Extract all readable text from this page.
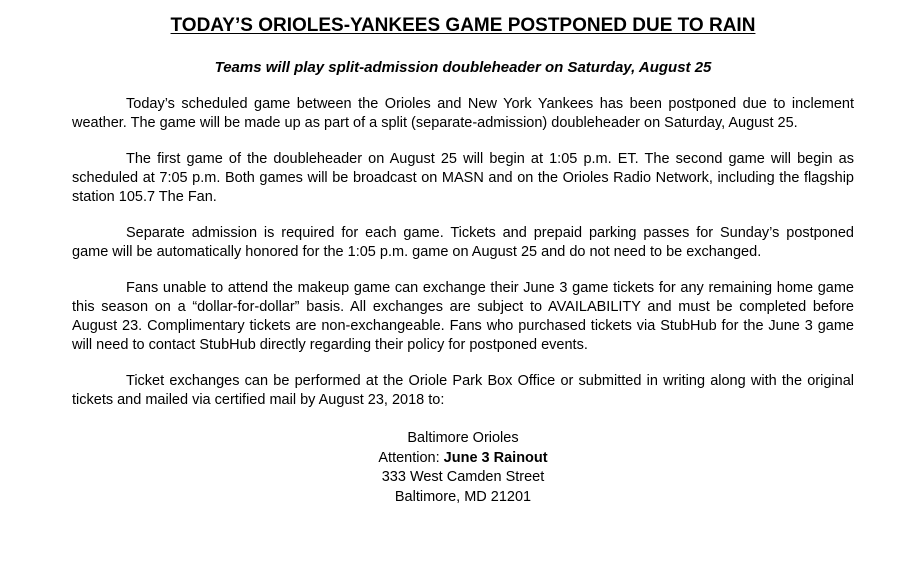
TODAY’S ORIOLES-YANKEES GAME POSTPONED DUE TO RAIN
Teams will play split-admission doubleheader on Saturday, August 25

Today’s scheduled game between the Orioles and New York Yankees has been postponed due to inclement weather. The game will be made up as part of a split (separate-admission) doubleheader on Saturday, August 25.

The first game of the doubleheader on August 25 will begin at 1:05 p.m. ET. The second game will begin as scheduled at 7:05 p.m. Both games will be broadcast on MASN and on the Orioles Radio Network, including the flagship station 105.7 The Fan.

Separate admission is required for each game. Tickets and prepaid parking passes for Sunday’s postponed game will be automatically honored for the 1:05 p.m. game on August 25 and do not need to be exchanged.

Fans unable to attend the makeup game can exchange their June 3 game tickets for any remaining home game this season on a “dollar-for-dollar” basis. All exchanges are subject to AVAILABILITY and must be completed before August 23. Complimentary tickets are non-exchangeable. Fans who purchased tickets via StubHub for the June 3 game will need to contact StubHub directly regarding their policy for postponed events.

Ticket exchanges can be performed at the Oriole Park Box Office or submitted in writing along with the original tickets and mailed via certified mail by August 23, 2018 to:

Baltimore Orioles
Attention: June 3 Rainout
333 West Camden Street
Baltimore, MD 21201
